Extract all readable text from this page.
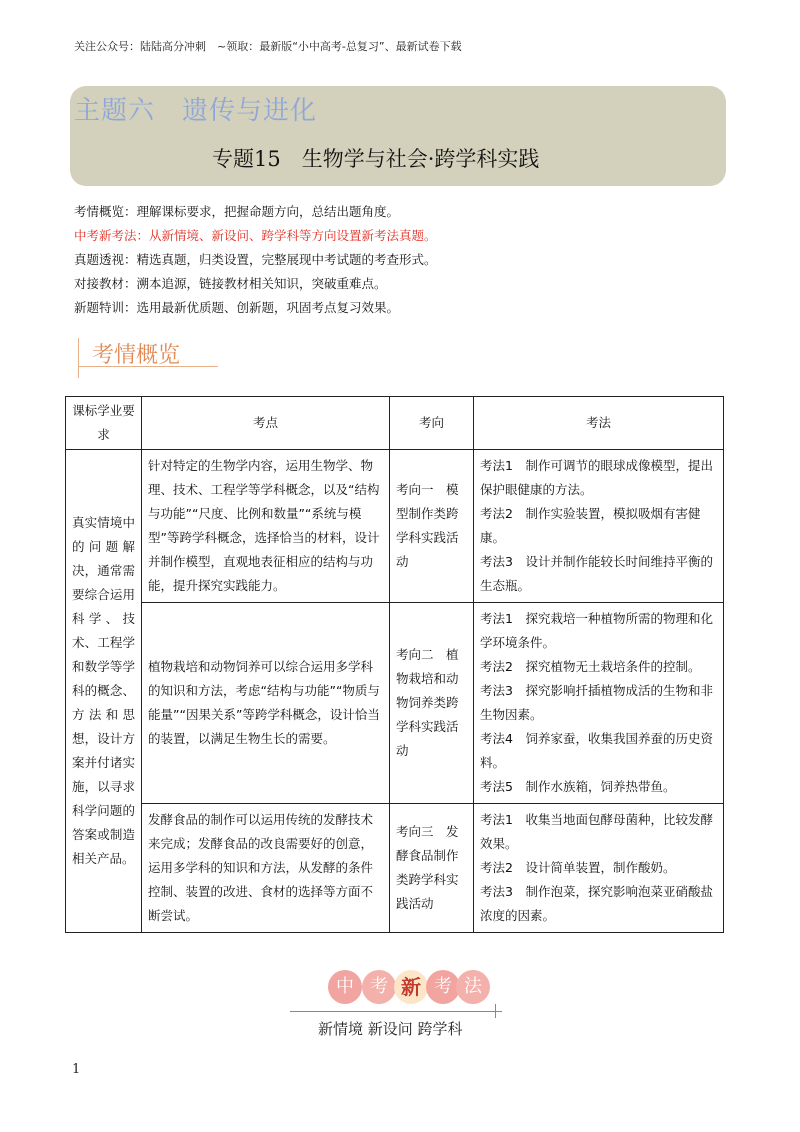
关注公众号：陆陆高分冲刺　~领取：最新版“小中高考-总复习”、最新试卷下载
主题六　遗传与进化
专题15　生物学与社会·跨学科实践
考情概览：理解课标要求，把握命题方向，总结出题角度。
中考新考法：从新情境、新设问、跨学科等方向设置新考法真题。
真题透视：精选真题，归类设置，完整展现中考试题的考查形式。
对接教材：溯本追源，链接教材相关知识，突破重难点。
新题特训：选用最新优质题、创新题，巩固考点复习效果。
考情概览
课标学业要求	考点	考向	考法
真实情境中的问题解决，通常需要综合运用科学、技术、工程学和数学等学科的概念、方法和思想，设计方案并付诸实施，以寻求科学问题的答案或制造相关产品。	针对特定的生物学内容，运用生物学、物理、技术、工程学等学科概念，以及“结构与功能”“尺度、比例和数量”“系统与模型”等跨学科概念，选择恰当的材料，设计并制作模型，直观地表征相应的结构与功能，提升探究实践能力。	考向一　模型制作类跨学科实践活动	考法1　制作可调节的眼球成像模型，提出保护眼健康的方法。
考法2　制作实验装置，模拟吸烟有害健康。
考法3　设计并制作能较长时间维持平衡的生态瓶。

	植物栽培和动物饲养可以综合运用多学科的知识和方法，考虑“结构与功能”“物质与能量”“因果关系”等跨学科概念，设计恰当的装置，以满足生物生长的需要。	考向二　植物栽培和动物饲养类跨学科实践活动	考法1　探究栽培一种植物所需的物理和化学环境条件。
考法2　探究植物无土栽培条件的控制。
考法3　探究影响扦插植物成活的生物和非生物因素。
考法4　饲养家蚕，收集我国养蚕的历史资料。
考法5　制作水族箱，饲养热带鱼。

	发酵食品的制作可以运用传统的发酵技术来完成；发酵食品的改良需要好的创意，运用多学科的知识和方法，从发酵的条件控制、装置的改进、食材的选择等方面不断尝试。	考向三　发酵食品制作类跨学科实践活动	考法1　收集当地面包酵母菌种，比较发酵效果。
考法2　设计简单装置，制作酸奶。
考法3　制作泡菜，探究影响泡菜亚硝酸盐浓度的因素。
中 考 新 考 法
新情境 新设问 跨学科
1
